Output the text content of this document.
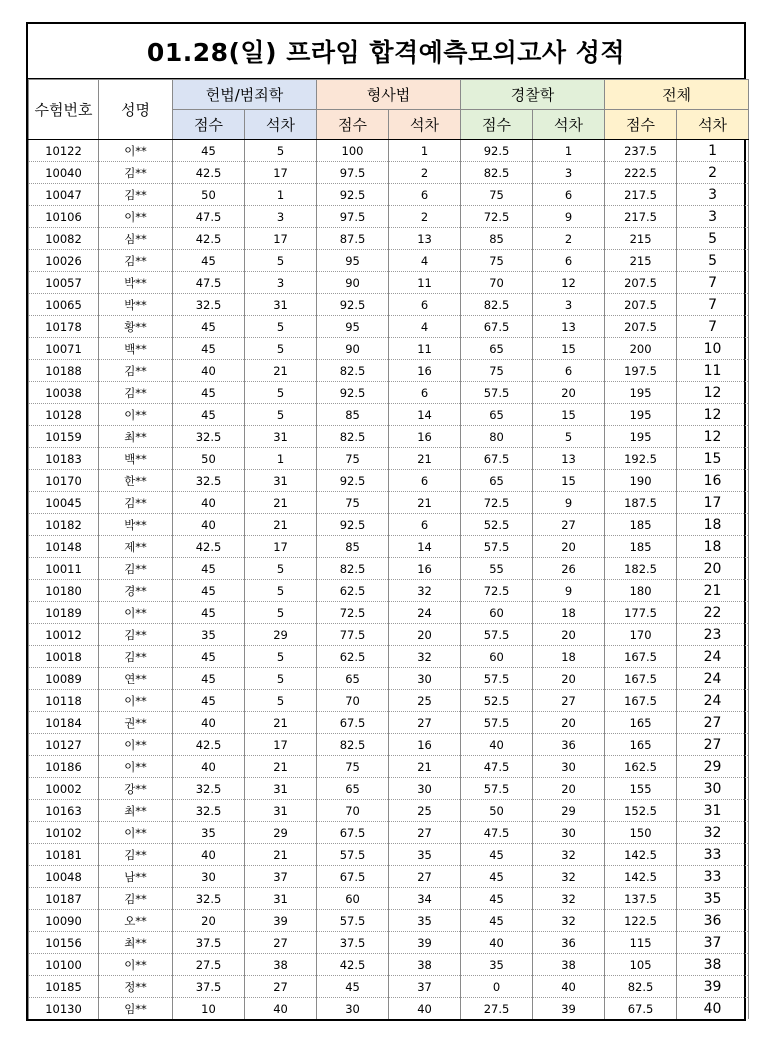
01.28(일) 프라임 합격예측모의고사 성적
수험번호	성명	헌법/범죄학		형사법		경찰학		전체	
		점수	석차	점수	석차	점수	석차	점수	석차
10122	이**	45	5	100	1	92.5	1	237.5	1
10040	김**	42.5	17	97.5	2	82.5	3	222.5	2
10047	김**	50	1	92.5	6	75	6	217.5	3
10106	이**	47.5	3	97.5	2	72.5	9	217.5	3
10082	심**	42.5	17	87.5	13	85	2	215	5
10026	김**	45	5	95	4	75	6	215	5
10057	박**	47.5	3	90	11	70	12	207.5	7
10065	박**	32.5	31	92.5	6	82.5	3	207.5	7
10178	황**	45	5	95	4	67.5	13	207.5	7
10071	백**	45	5	90	11	65	15	200	10
10188	김**	40	21	82.5	16	75	6	197.5	11
10038	김**	45	5	92.5	6	57.5	20	195	12
10128	이**	45	5	85	14	65	15	195	12
10159	최**	32.5	31	82.5	16	80	5	195	12
10183	백**	50	1	75	21	67.5	13	192.5	15
10170	한**	32.5	31	92.5	6	65	15	190	16
10045	김**	40	21	75	21	72.5	9	187.5	17
10182	박**	40	21	92.5	6	52.5	27	185	18
10148	제**	42.5	17	85	14	57.5	20	185	18
10011	김**	45	5	82.5	16	55	26	182.5	20
10180	경**	45	5	62.5	32	72.5	9	180	21
10189	이**	45	5	72.5	24	60	18	177.5	22
10012	김**	35	29	77.5	20	57.5	20	170	23
10018	김**	45	5	62.5	32	60	18	167.5	24
10089	연**	45	5	65	30	57.5	20	167.5	24
10118	이**	45	5	70	25	52.5	27	167.5	24
10184	권**	40	21	67.5	27	57.5	20	165	27
10127	이**	42.5	17	82.5	16	40	36	165	27
10186	이**	40	21	75	21	47.5	30	162.5	29
10002	강**	32.5	31	65	30	57.5	20	155	30
10163	최**	32.5	31	70	25	50	29	152.5	31
10102	이**	35	29	67.5	27	47.5	30	150	32
10181	김**	40	21	57.5	35	45	32	142.5	33
10048	남**	30	37	67.5	27	45	32	142.5	33
10187	김**	32.5	31	60	34	45	32	137.5	35
10090	오**	20	39	57.5	35	45	32	122.5	36
10156	최**	37.5	27	37.5	39	40	36	115	37
10100	이**	27.5	38	42.5	38	35	38	105	38
10185	정**	37.5	27	45	37	0	40	82.5	39
10130	임**	10	40	30	40	27.5	39	67.5	40
